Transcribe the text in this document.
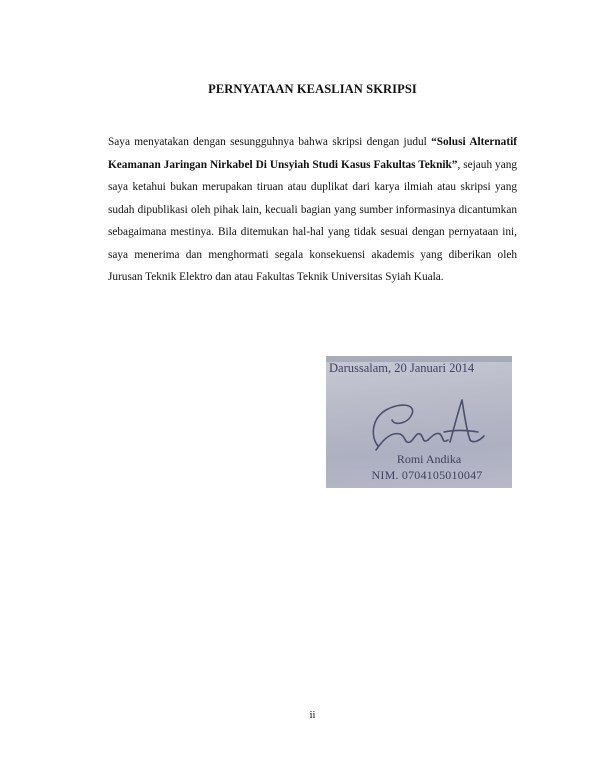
PERNYATAAN KEASLIAN SKRIPSI

Saya menyatakan dengan sesungguhnya bahwa skripsi dengan judul “Solusi Alternatif Keamanan Jaringan Nirkabel Di Unsyiah Studi Kasus Fakultas Teknik”, sejauh yang saya ketahui bukan merupakan tiruan atau duplikat dari karya ilmiah atau skripsi yang sudah dipublikasi oleh pihak lain, kecuali bagian yang sumber informasinya dicantumkan sebagaimana mestinya. Bila ditemukan hal-hal yang tidak sesuai dengan pernyataan ini, saya menerima dan menghormati segala konsekuensi akademis yang diberikan oleh Jurusan Teknik Elektro dan atau Fakultas Teknik Universitas Syiah Kuala.

Darussalam, 20 Januari 2014
Romi Andika
NIM. 0704105010047
ii
